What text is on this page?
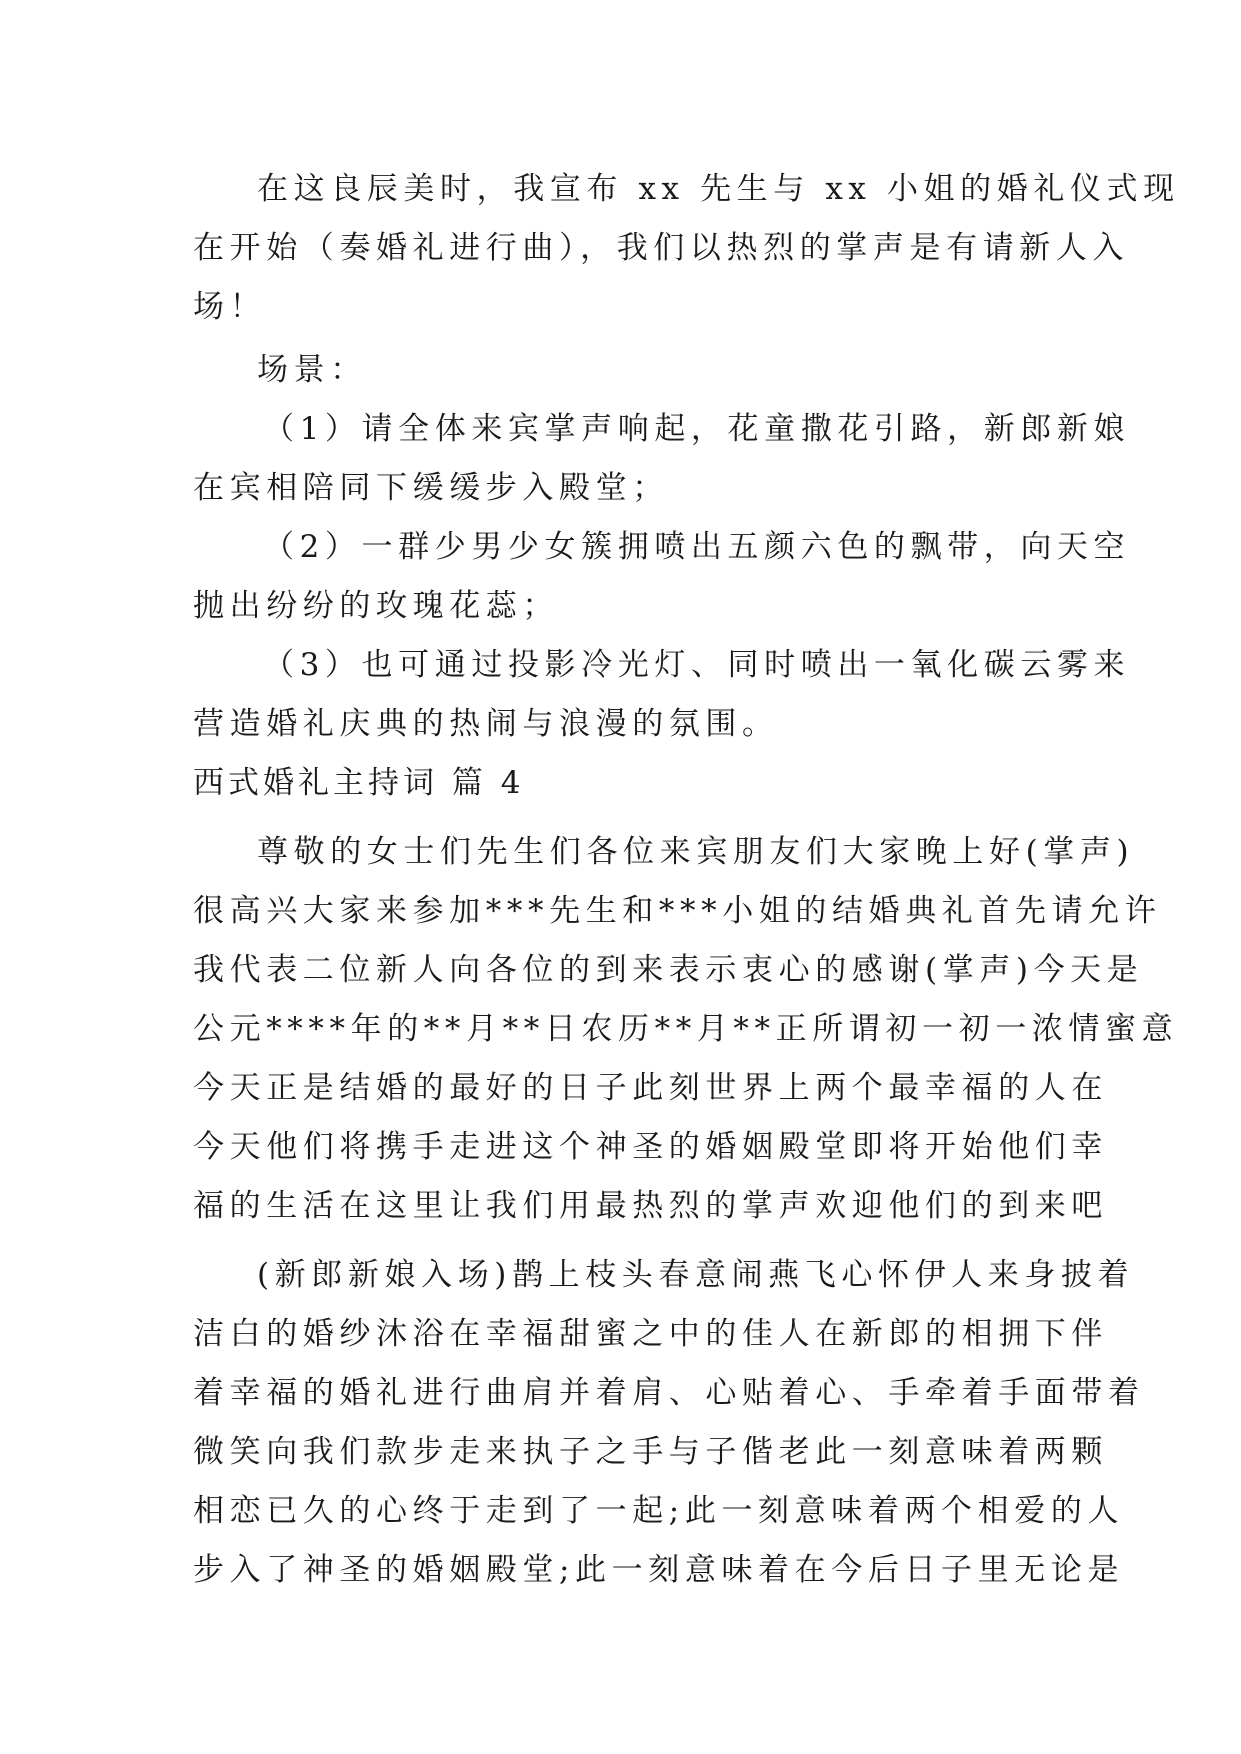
在这良辰美时，我宣布 xx 先生与 xx 小姐的婚礼仪式现
在开始（奏婚礼进行曲），我们以热烈的掌声是有请新人入
场！
场景：
（1）请全体来宾掌声响起，花童撒花引路，新郎新娘
在宾相陪同下缓缓步入殿堂；
（2）一群少男少女簇拥喷出五颜六色的飘带，向天空
抛出纷纷的玫瑰花蕊；
（3）也可通过投影冷光灯、同时喷出一氧化碳云雾来
营造婚礼庆典的热闹与浪漫的氛围。
西式婚礼主持词 篇 4
尊敬的女士们先生们各位来宾朋友们大家晚上好(掌声)
很高兴大家来参加***先生和***小姐的结婚典礼首先请允许
我代表二位新人向各位的到来表示衷心的感谢(掌声)今天是
公元****年的**月**日农历**月**正所谓初一初一浓情蜜意
今天正是结婚的最好的日子此刻世界上两个最幸福的人在
今天他们将携手走进这个神圣的婚姻殿堂即将开始他们幸
福的生活在这里让我们用最热烈的掌声欢迎他们的到来吧
(新郎新娘入场)鹊上枝头春意闹燕飞心怀伊人来身披着
洁白的婚纱沐浴在幸福甜蜜之中的佳人在新郎的相拥下伴
着幸福的婚礼进行曲肩并着肩、心贴着心、手牵着手面带着
微笑向我们款步走来执子之手与子偕老此一刻意味着两颗
相恋已久的心终于走到了一起;此一刻意味着两个相爱的人
步入了神圣的婚姻殿堂;此一刻意味着在今后日子里无论是
